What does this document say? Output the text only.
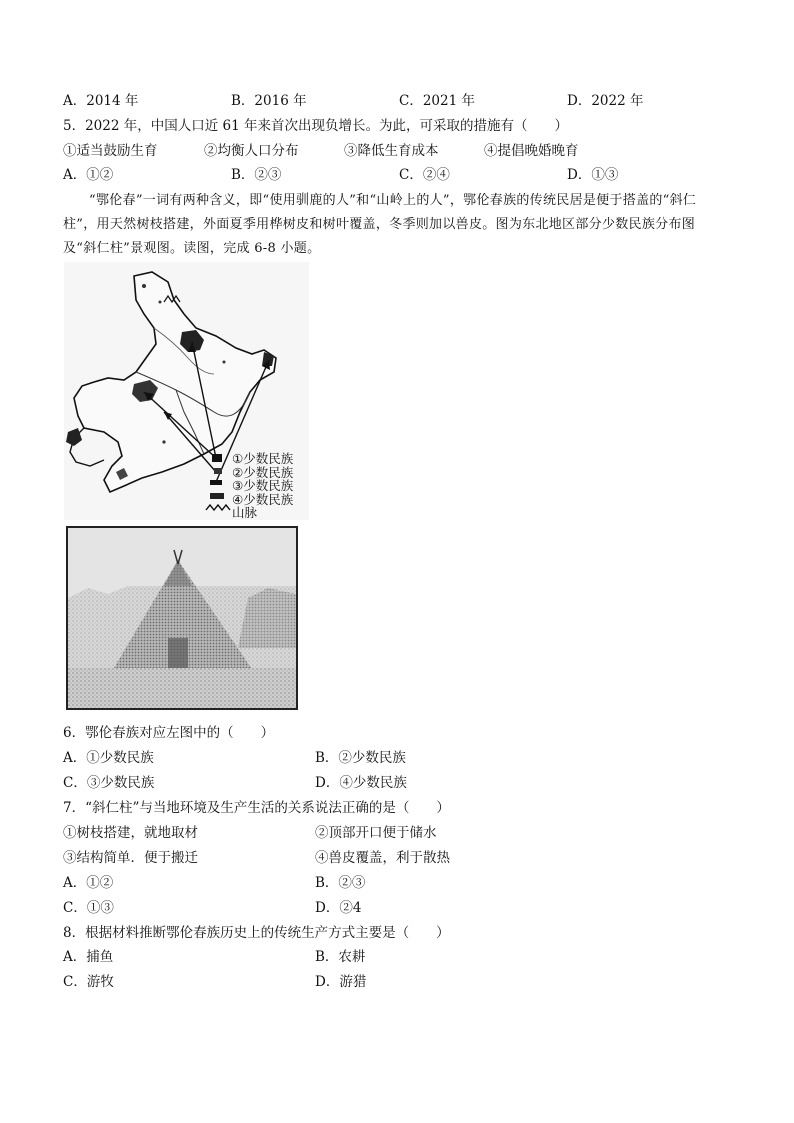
A．2014 年	B．2016 年	C．2021 年	D．2022 年
5．2022 年，中国人口近 61 年来首次出现负增长。为此，可采取的措施有（　　）
①适当鼓励生育	②均衡人口分布	③降低生育成本	④提倡晚婚晚育
A．①②	B．②③	C．②④	D．①③
“鄂伦春”一词有两种含义，即“使用驯鹿的人”和“山岭上的人”，鄂伦春族的传统民居是便于搭盖的“斜仁
柱”，用天然树枝搭建，外面夏季用桦树皮和树叶覆盖，冬季则加以兽皮。图为东北地区部分少数民族分布图
及“斜仁柱”景观图。读图，完成 6-8 小题。
①少数民族
②少数民族
③少数民族
④少数民族
山脉
6．鄂伦春族对应左图中的（　　）
A．①少数民族	B．②少数民族
C．③少数民族	D．④少数民族
7．“斜仁柱”与当地环境及生产生活的关系说法正确的是（　　）
①树枝搭建，就地取材	②顶部开口便于储水
③结构简单．便于搬迁	④兽皮覆盖，利于散热
A．①②	B．②③
C．①③	D．②4
8．根据材料推断鄂伦春族历史上的传统生产方式主要是（　　）
A．捕鱼	B．农耕
C．游牧	D．游猎
